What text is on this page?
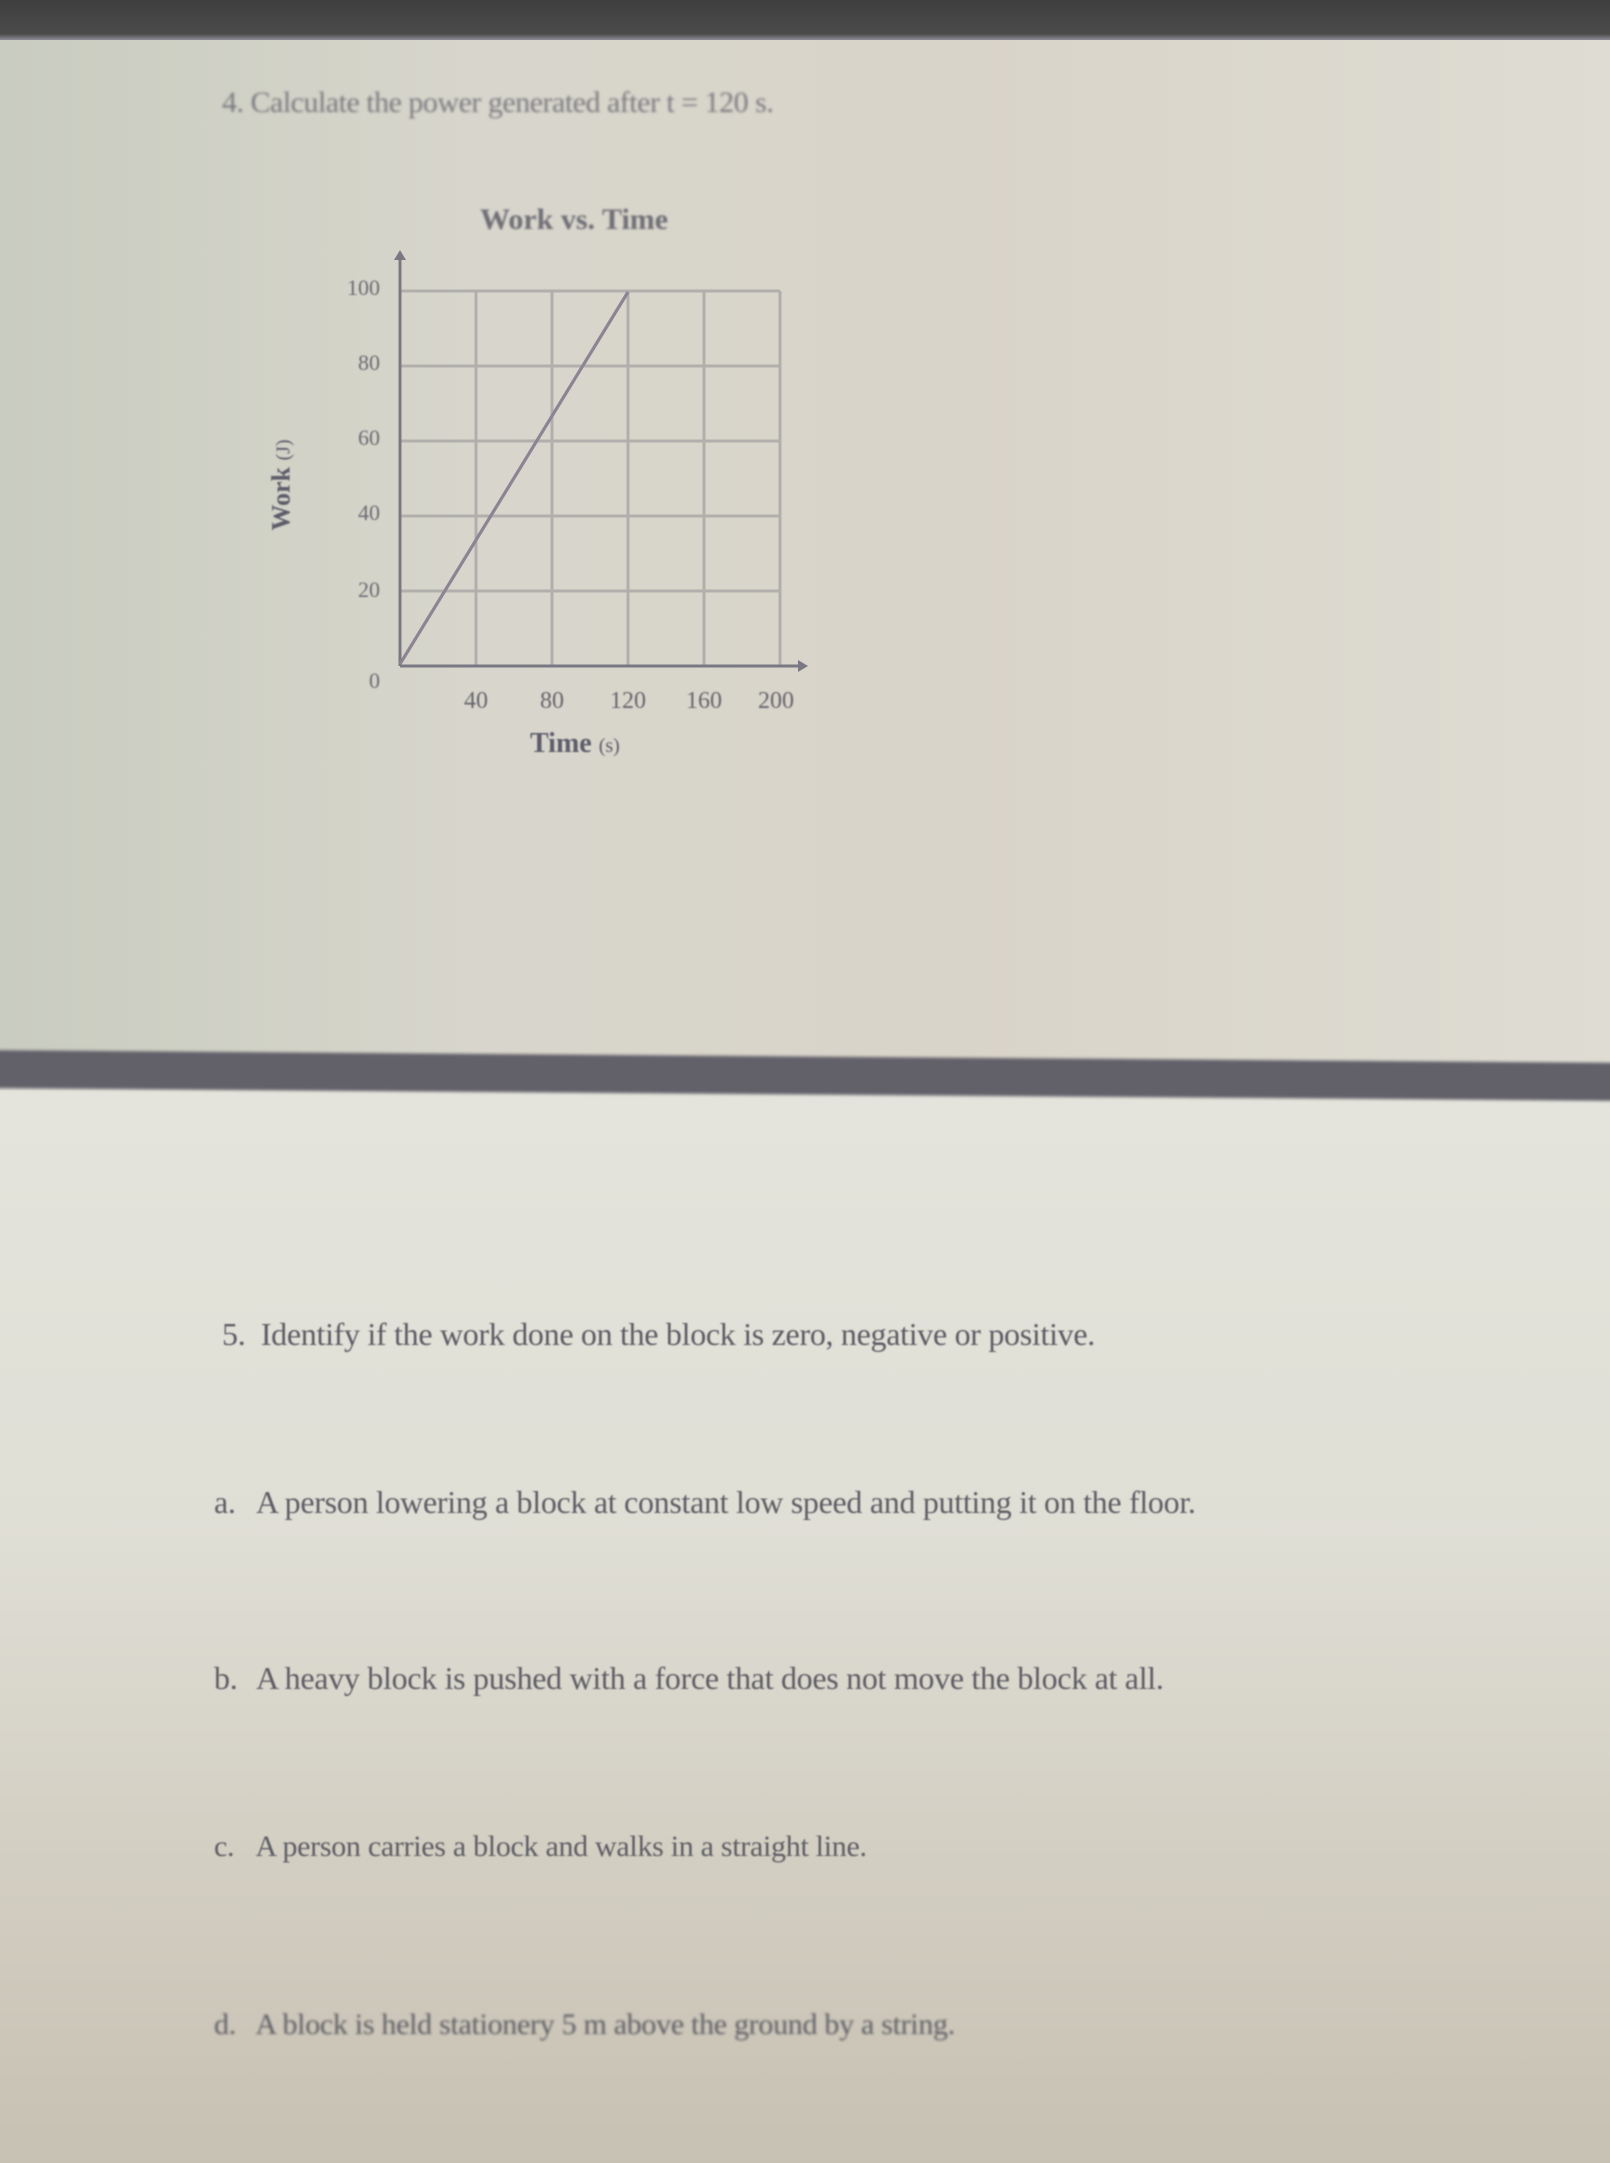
4. Calculate the power generated after t = 120 s.
Work vs. Time
100
80
60
40
20
0
40	80	120	160	200
Time (s)
Work (J)
5. Identify if the work done on the block is zero, negative or positive.
a. A person lowering a block at constant low speed and putting it on the floor.
b. A heavy block is pushed with a force that does not move the block at all.
c. A person carries a block and walks in a straight line.
d. A block is held stationery 5 m above the ground by a string.
